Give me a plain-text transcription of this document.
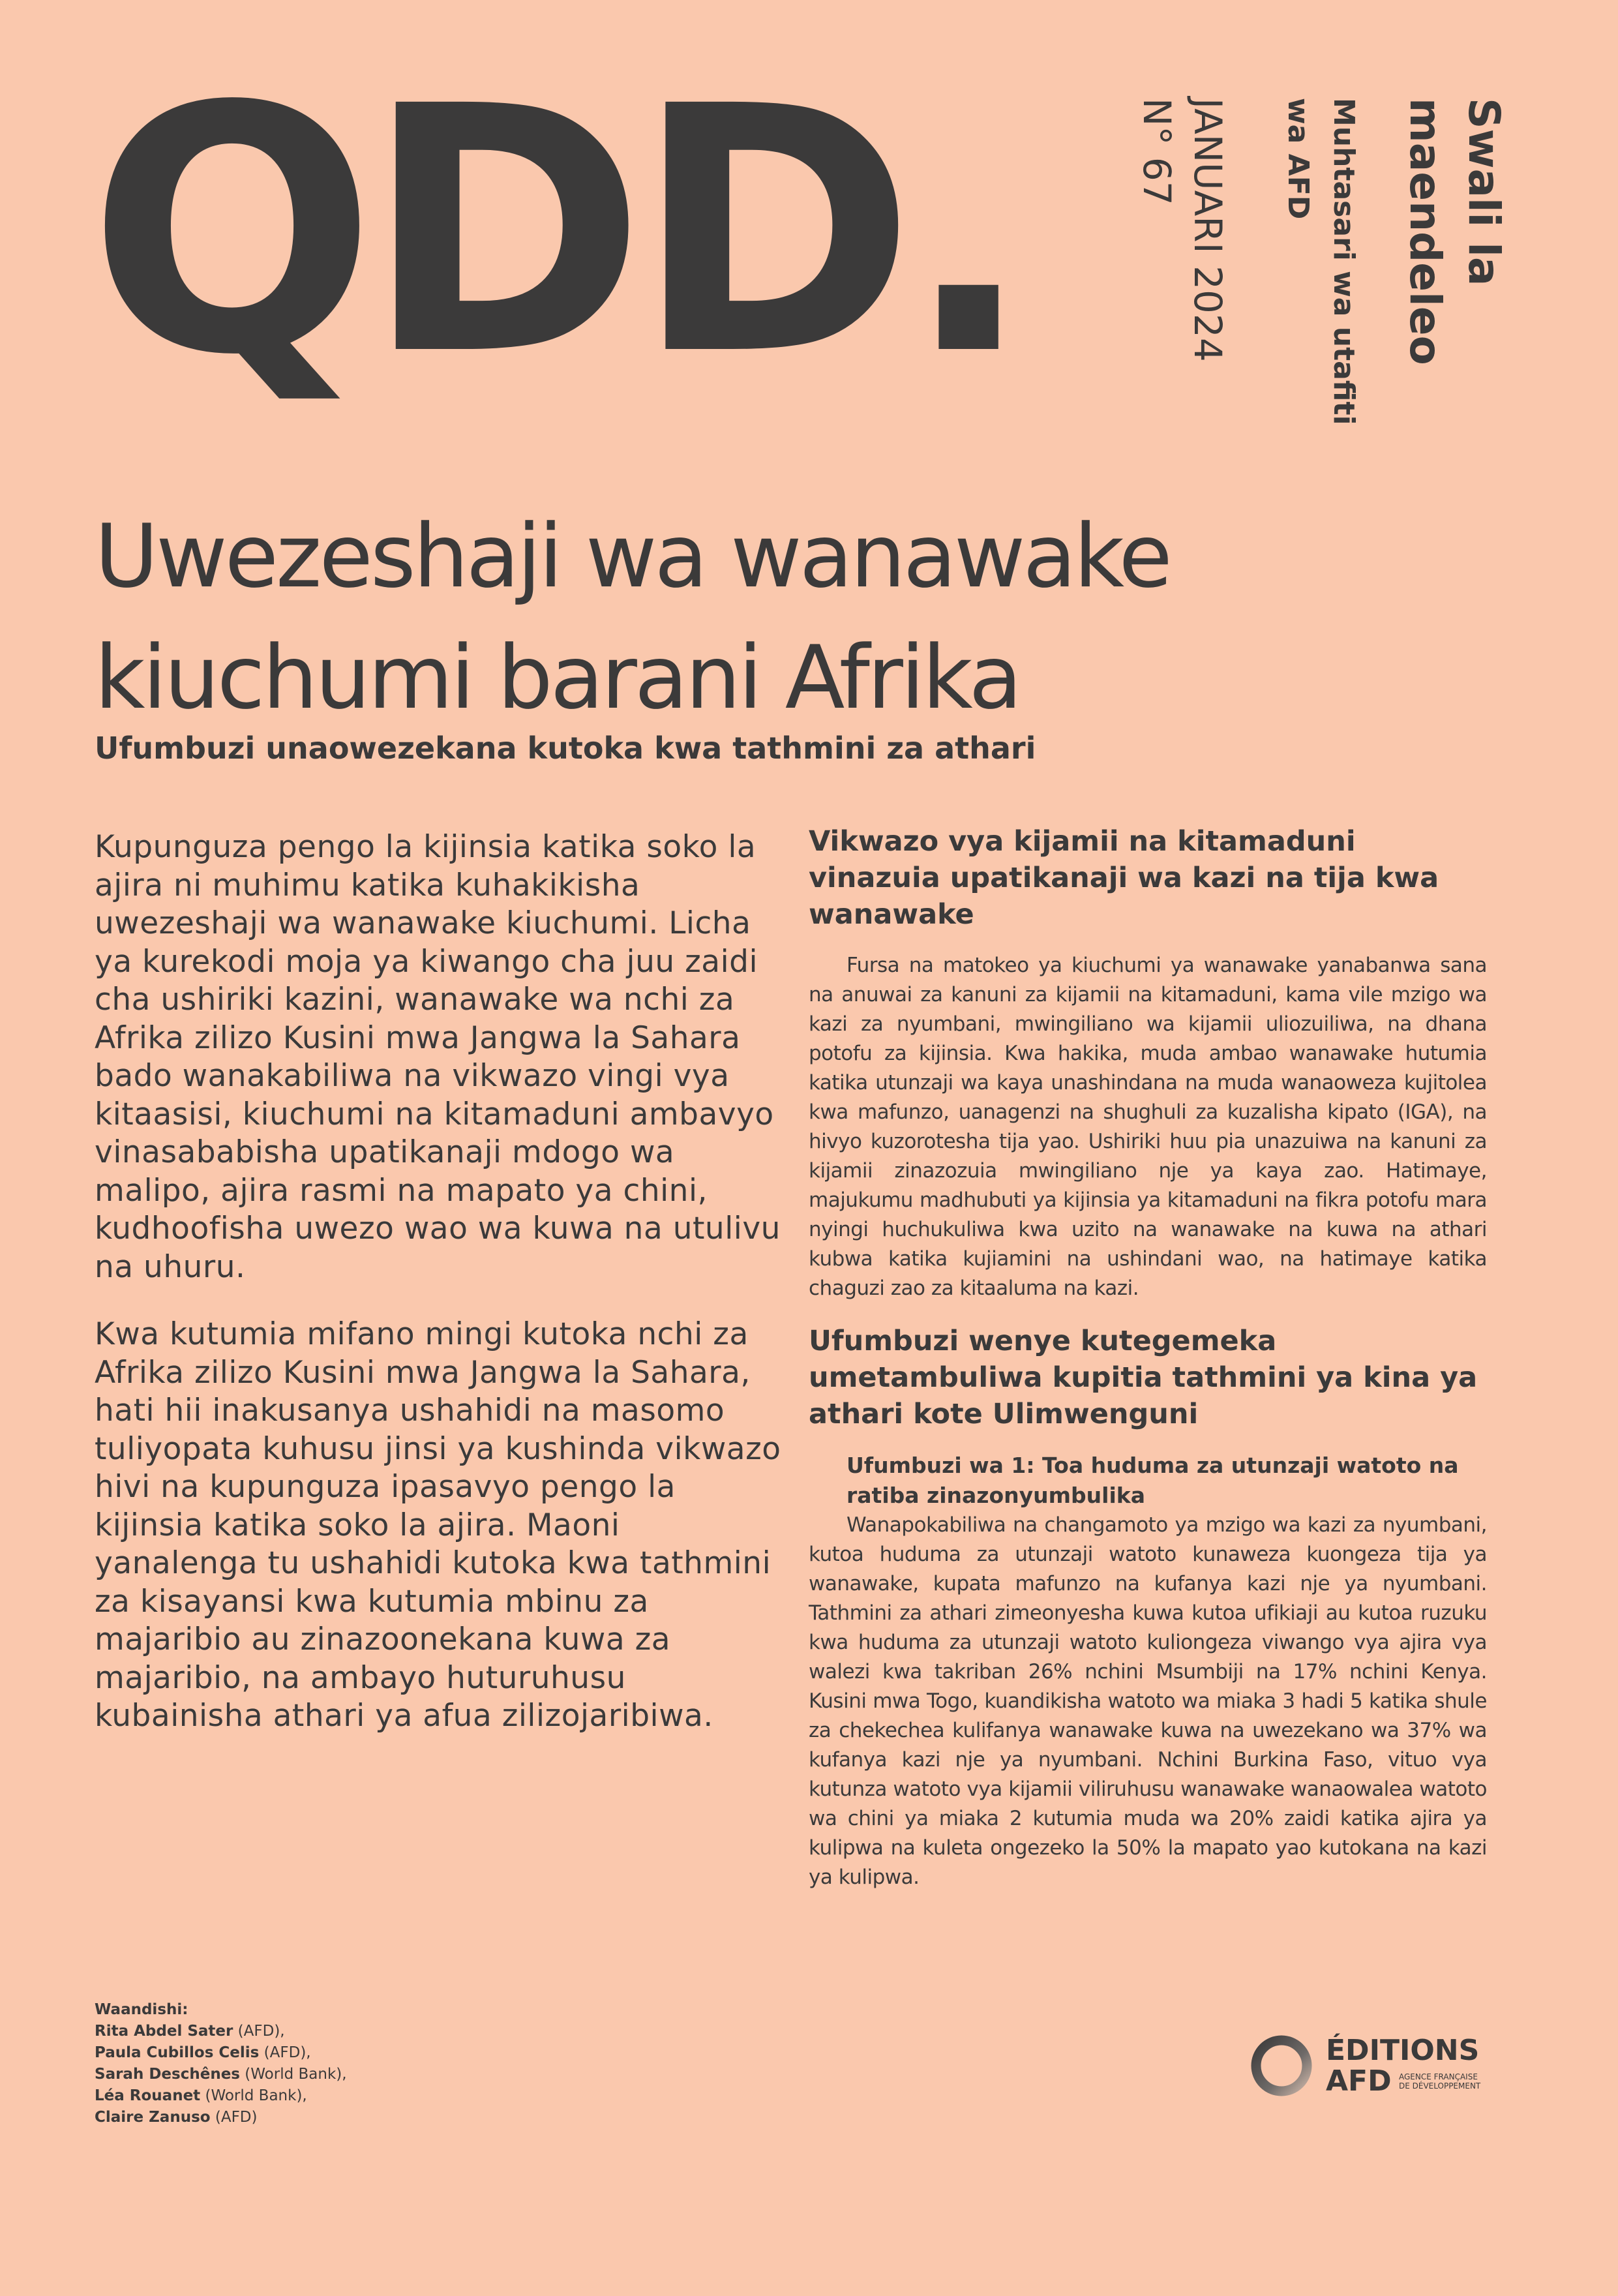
QDD.	Swali la
maendeleo
Muhtasari wa utafiti
wa AFD
JANUARI 2024
N° 67
Uwezeshaji wa wanawake
kiuchumi barani Afrika
Ufumbuzi unaowezekana kutoka kwa tathmini za athari

Kupunguza pengo la kijinsia katika soko la ajira ni muhimu katika kuhakikisha uwezeshaji wa wanawake kiuchumi. Licha ya kurekodi moja ya kiwango cha juu zaidi cha ushiriki kazini, wanawake wa nchi za Afrika zilizo Kusini mwa Jangwa la Sahara bado wanakabiliwa na vikwazo vingi vya kitaasisi, kiuchumi na kitamaduni ambavyo vinasababisha upatikanaji mdogo wa malipo, ajira rasmi na mapato ya chini, kudhoofisha uwezo wao wa kuwa na utulivu na uhuru.

Kwa kutumia mifano mingi kutoka nchi za Afrika zilizo Kusini mwa Jangwa la Sahara, hati hii inakusanya ushahidi na masomo tuliyopata kuhusu jinsi ya kushinda vikwazo hivi na kupunguza ipasavyo pengo la kijinsia katika soko la ajira. Maoni yanalenga tu ushahidi kutoka kwa tathmini za kisayansi kwa kutumia mbinu za majaribio au zinazoonekana kuwa za majaribio, na ambayo huturuhusu kubainisha athari ya afua zilizojaribiwa.

Vikwazo vya kijamii na kitamaduni vinazuia upatikanaji wa kazi na tija kwa wanawake

Fursa na matokeo ya kiuchumi ya wanawake yanabanwa sana na anuwai za kanuni za kijamii na kitamaduni, kama vile mzigo wa kazi za nyumbani, mwingiliano wa kijamii uliozuiliwa, na dhana potofu za kijinsia. Kwa hakika, muda ambao wanawake hutumia katika utunzaji wa kaya unashindana na muda wanaoweza kujitolea kwa mafunzo, uanagenzi na shughuli za kuzalisha kipato (IGA), na hivyo kuzorotesha tija yao. Ushiriki huu pia unazuiwa na kanuni za kijamii zinazozuia mwingiliano nje ya kaya zao. Hatimaye, majukumu madhubuti ya kijinsia ya kitamaduni na fikra potofu mara nyingi huchukuliwa kwa uzito na wanawake na kuwa na athari kubwa katika kujiamini na ushindani wao, na hatimaye katika chaguzi zao za kitaaluma na kazi.

Ufumbuzi wenye kutegemeka umetambuliwa kupitia tathmini ya kina ya athari kote Ulimwenguni
Ufumbuzi wa 1: Toa huduma za utunzaji watoto na ratiba zinazonyumbulika

Wanapokabiliwa na changamoto ya mzigo wa kazi za nyumbani, kutoa huduma za utunzaji watoto kunaweza kuongeza tija ya wanawake, kupata mafunzo na kufanya kazi nje ya nyumbani. Tathmini za athari zimeonyesha kuwa kutoa ufikiaji au kutoa ruzuku kwa huduma za utunzaji watoto kuliongeza viwango vya ajira vya walezi kwa takriban 26% nchini Msumbiji na 17% nchini Kenya. Kusini mwa Togo, kuandikisha watoto wa miaka 3 hadi 5 katika shule za chekechea kulifanya wanawake kuwa na uwezekano wa 37% wa kufanya kazi nje ya nyumbani. Nchini Burkina Faso, vituo vya kutunza watoto vya kijamii viliruhusu wanawake wanaowalea watoto wa chini ya miaka 2 kutumia muda wa 20% zaidi katika ajira ya kulipwa na kuleta ongezeko la 50% la mapato yao kutokana na kazi ya kulipwa.

Waandishi:
Rita Abdel Sater (AFD),
Paula Cubillos Celis (AFD),
Sarah Deschênes (World Bank),
Léa Rouanet (World Bank),
Claire Zanuso (AFD)
ÉDITIONS
AFD AGENCE FRANÇAISE
DE DÉVELOPPEMENT
